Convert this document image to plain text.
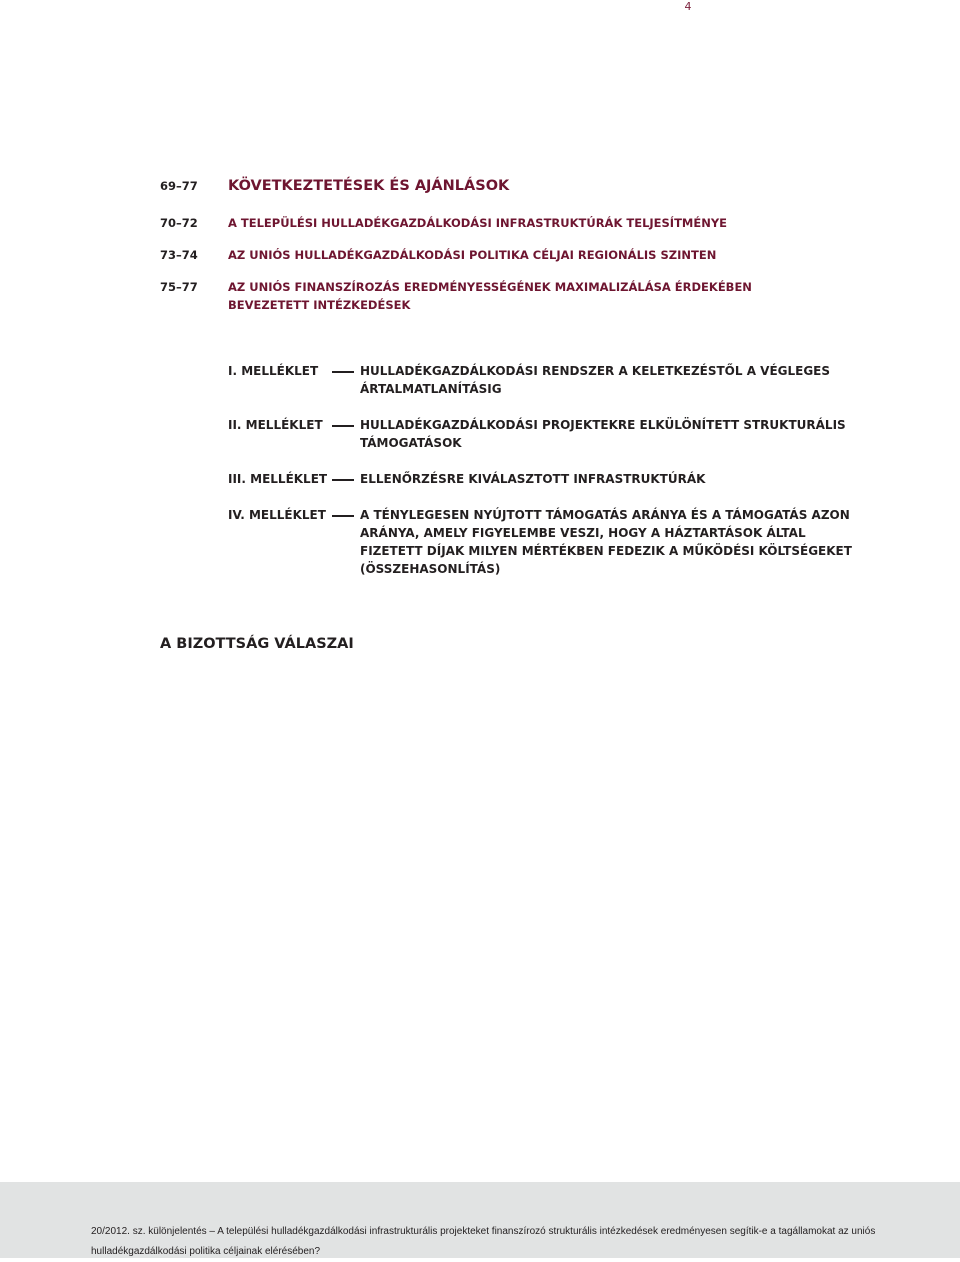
4
69–77	KÖVETKEZTETÉSEK ÉS AJÁNLÁSOK
70–72	A TELEPÜLÉSI HULLADÉKGAZDÁLKODÁSI INFRASTRUKTÚRÁK TELJESÍTMÉNYE
73–74	AZ UNIÓS HULLADÉKGAZDÁLKODÁSI POLITIKA CÉLJAI REGIONÁLIS SZINTEN
75–77	AZ UNIÓS FINANSZÍROZÁS EREDMÉNYESSÉGÉNEK MAXIMALIZÁLÁSA ÉRDEKÉBEN BEVEZETETT INTÉZKEDÉSEK
I. MELLÉKLET	HULLADÉKGAZDÁLKODÁSI RENDSZER A KELETKEZÉSTŐL A VÉGLEGES ÁRTALMATLANÍTÁSIG
II. MELLÉKLET	HULLADÉKGAZDÁLKODÁSI PROJEKTEKRE ELKÜLÖNÍTETT STRUKTURÁLIS TÁMOGATÁSOK
III. MELLÉKLET	ELLENŐRZÉSRE KIVÁLASZTOTT INFRASTRUKTÚRÁK
IV. MELLÉKLET	A TÉNYLEGESEN NYÚJTOTT TÁMOGATÁS ARÁNYA ÉS A TÁMOGATÁS AZON ARÁNYA, AMELY FIGYELEMBE VESZI, HOGY A HÁZTARTÁSOK ÁLTAL FIZETETT DÍJAK MILYEN MÉRTÉKBEN FEDEZIK A MŰKÖDÉSI KÖLTSÉGEKET (ÖSSZEHASONLÍTÁS)
A BIZOTTSÁG VÁLASZAI
20/2012. sz. különjelentés – A települési hulladékgazdálkodási infrastrukturális projekteket finanszírozó strukturális intézkedések eredményesen segítik-e a tagállamokat az uniós hulladékgazdálkodási politika céljainak elérésében?
